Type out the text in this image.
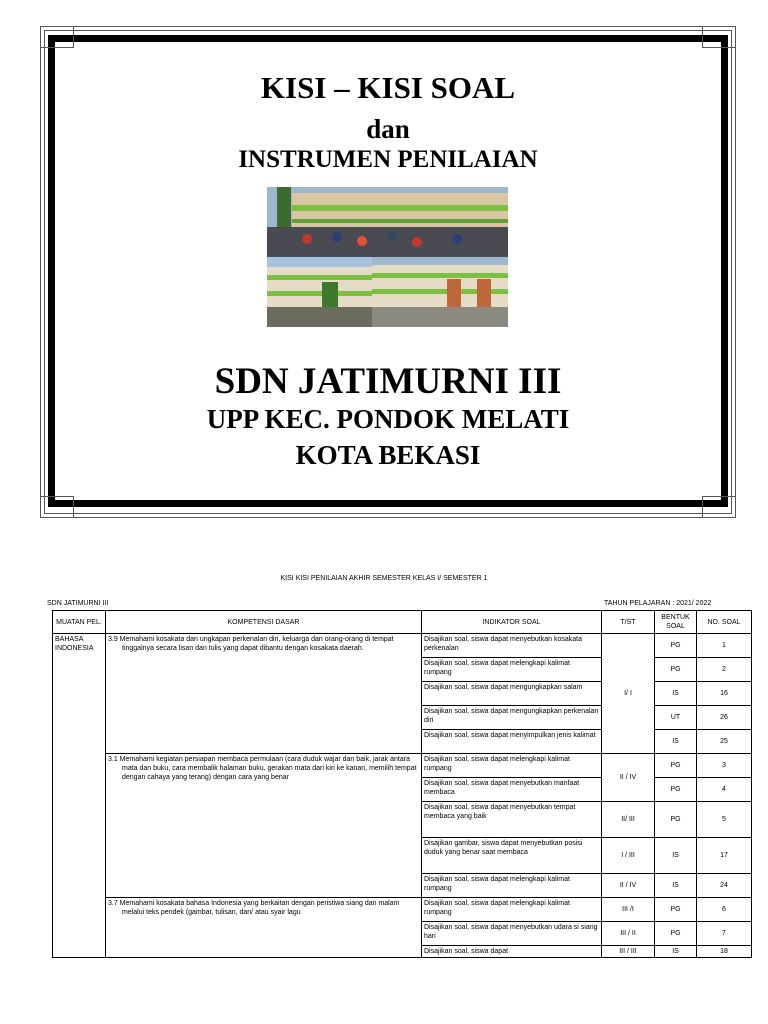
KISI – KISI SOAL
dan
INSTRUMEN PENILAIAN
SDN JATIMURNI III
UPP KEC. PONDOK MELATI
KOTA BEKASI
KISI KISI PENILAIAN AKHIR SEMESTER KELAS I/ SEMESTER 1
SDN JATIMURNI III	TAHUN PELAJARAN : 2021/ 2022
MUATAN PEL.	KOMPETENSI DASAR	INDIKATOR SOAL	T/ST	BENTUK SOAL	NO. SOAL
BAHASA INDONESIA	3.9 Memahami kosakata dan ungkapan perkenalan diri, keluarga dan orang-orang di tempat tinggalnya secara lisan dan tulis yang dapat dibantu dengan kosakata daerah.	Disajikan soal, siswa dapat menyebutkan kosakata perkenalan	I/ I	PG	1
		Disajikan soal, siswa dapat melengkapi kalimat rumpang		PG	2
		Disajikan soal, siswa dapat mengungkapkan salam		IS	16
		Disajikan soal, siswa dapat mengungkapkan perkenalan diri		UT	26
		Disajikan soal, siswa dapat menyimpulkan jenis kalimat		IS	25

	3.1 Memahami kegiatan persiapan membaca permulaan (cara duduk wajar dan baik, jarak antara mata dan buku, cara membalik halaman buku, gerakan mata dari kiri ke kanan, memilih tempat dengan cahaya yang terang) dengan cara yang benar	Disajikan soal, siswa dapat melengkapi kalimat rumpang	II / IV	PG	3
		Disajikan soal, siswa dapat menyebutkan manfaat membaca		PG	4
		Disajikan soal, siswa dapat menyebutkan tempat membaca yang baik	II/ III	PG	5
		Disajikan gambar, siswa dapat menyebutkan posisi duduk yang benar saat membaca	I / III	IS	17
		Disajikan soal, siswa dapat melengkapi kalimat rumpang	II / IV	IS	24

	3.7 Memahami kosakata bahasa Indonesia yang berkaitan dengan peristiwa siang dan malam melalui teks pendek (gambar, tulisan, dan/ atau syair lagu	Disajikan soal, siswa dapat melengkapi kalimat rumpang	III /I	PG	6
		Disajikan soal, siswa dapat menyebutkan udara si siang hari	III / II	PG	7
		Disajikan soal, siswa dapat	III / III	IS	18
